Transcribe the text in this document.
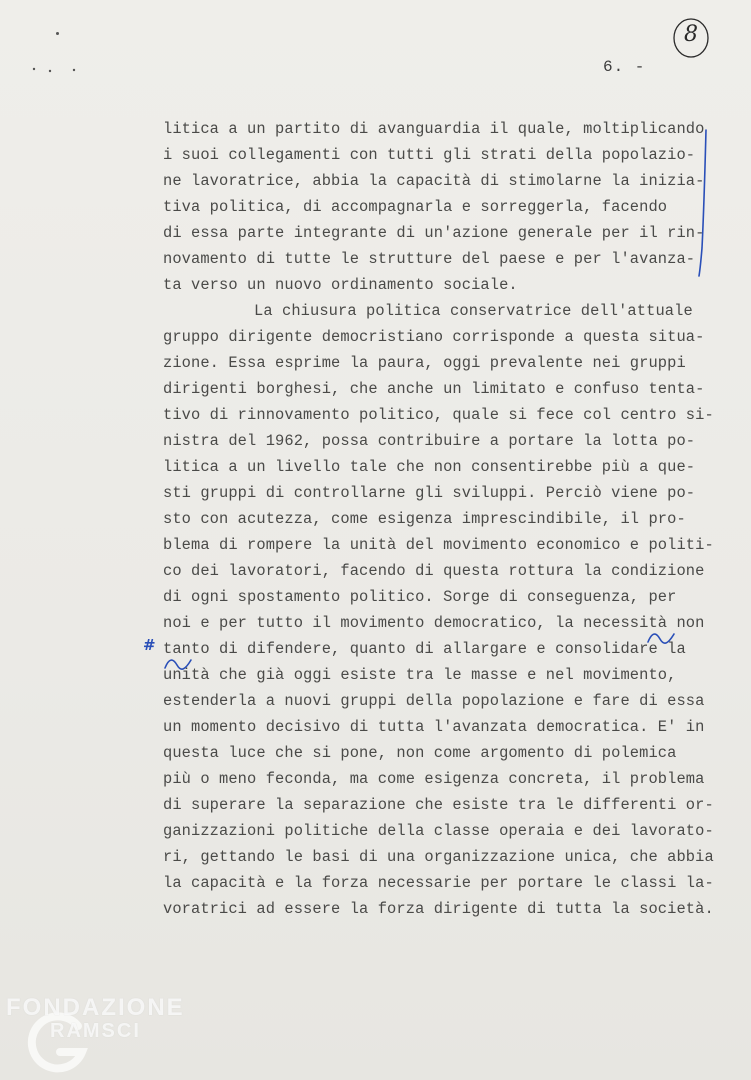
6. -
8
litica a un partito di avanguardia il quale, moltiplicando
i suoi collegamenti con tutti gli strati della popolazio-
ne lavoratrice, abbia la capacità di stimolarne la inizia-
tiva politica, di accompagnarla e sorreggerla, facendo
di essa parte integrante di un'azione generale per il rin-
novamento di tutte le strutture del paese e per l'avanza-
ta verso un nuovo ordinamento sociale.
La chiusura politica conservatrice dell'attuale
gruppo dirigente democristiano corrisponde a questa situa-
zione. Essa esprime la paura, oggi prevalente nei gruppi
dirigenti borghesi, che anche un limitato e confuso tenta-
tivo di rinnovamento politico, quale si fece col centro si-
nistra del 1962, possa contribuire a portare la lotta po-
litica a un livello tale che non consentirebbe più a que-
sti gruppi di controllarne gli sviluppi. Perciò viene po-
sto con acutezza, come esigenza imprescindibile, il pro-
blema di rompere la unità del movimento economico e politi-
co dei lavoratori, facendo di questa rottura la condizione
di ogni spostamento politico. Sorge di conseguenza, per
noi e per tutto il movimento democratico, la necessità non
tanto di difendere, quanto di allargare e consolidare la
unità che già oggi esiste tra le masse e nel movimento,
estenderla a nuovi gruppi della popolazione e fare di essa
un momento decisivo di tutta l'avanzata democratica. E' in
questa luce che si pone, non come argomento di polemica
più o meno feconda, ma come esigenza concreta, il problema
di superare la separazione che esiste tra le differenti or-
ganizzazioni politiche della classe operaia e dei lavorato-
ri, gettando le basi di una organizzazione unica, che abbia
la capacità e la forza necessarie per portare le classi la-
voratrici ad essere la forza dirigente di tutta la società.
#
FONDAZIONE
RAMSCI
